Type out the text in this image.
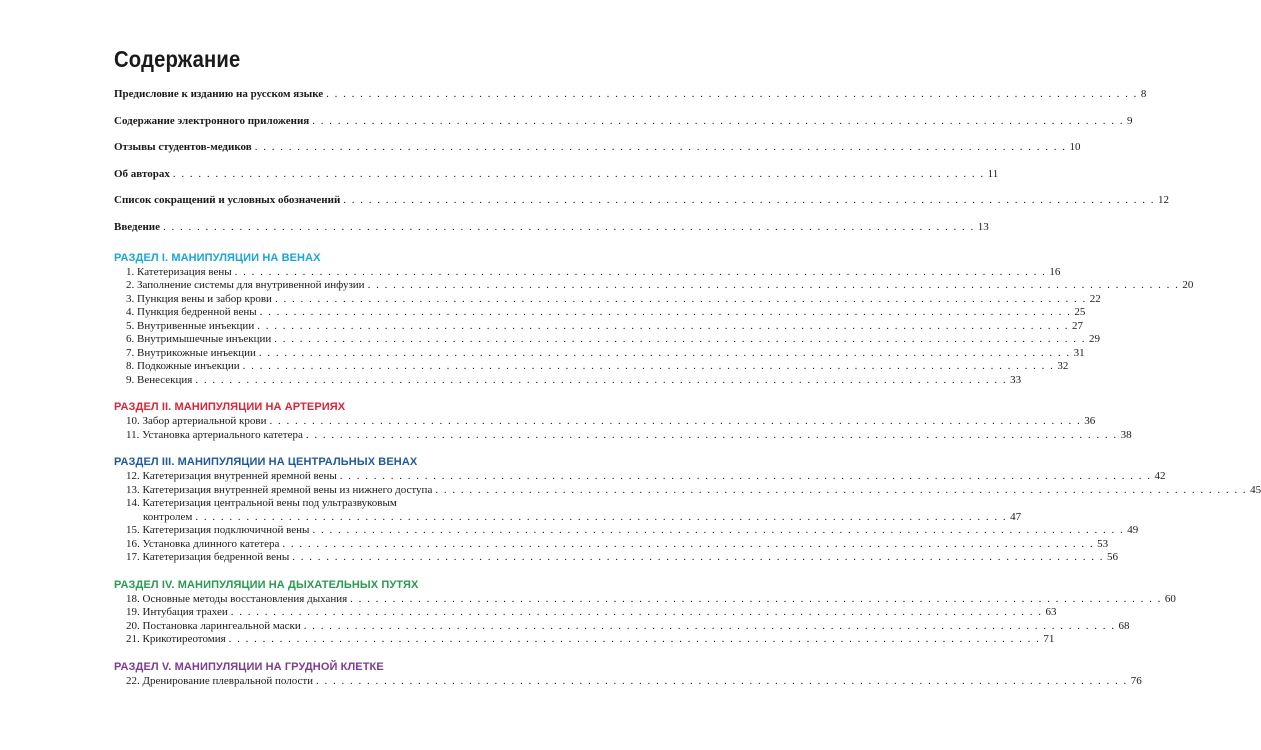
Содержание
Предисловие к изданию на русском языке . . . . . . . . . . . . . . . . . . . . . . . . . . . . . . . . . . . . . . . . . . . . . . . . . . . . . . . . . . . . . . . . . . . . . . . . . . . . . . . . . . . . . . . . . . . . . . . . 8
Содержание электронного приложения . . . . . . . . . . . . . . . . . . . . . . . . . . . . . . . . . . . . . . . . . . . . . . . . . . . . . . . . . . . . . . . . . . . . . . . . . . . . . . . . . . . . . . . . . . . . . . . . 9
Отзывы студентов-медиков . . . . . . . . . . . . . . . . . . . . . . . . . . . . . . . . . . . . . . . . . . . . . . . . . . . . . . . . . . . . . . . . . . . . . . . . . . . . . . . . . . . . . . . . . . . . . . . . 10
Об авторах . . . . . . . . . . . . . . . . . . . . . . . . . . . . . . . . . . . . . . . . . . . . . . . . . . . . . . . . . . . . . . . . . . . . . . . . . . . . . . . . . . . . . . . . . . . . . . . . 11
Список сокращений и условных обозначений . . . . . . . . . . . . . . . . . . . . . . . . . . . . . . . . . . . . . . . . . . . . . . . . . . . . . . . . . . . . . . . . . . . . . . . . . . . . . . . . . . . . . . . . . . . . . . . . 12
Введение . . . . . . . . . . . . . . . . . . . . . . . . . . . . . . . . . . . . . . . . . . . . . . . . . . . . . . . . . . . . . . . . . . . . . . . . . . . . . . . . . . . . . . . . . . . . . . . . 13
РАЗДЕЛ I. МАНИПУЛЯЦИИ НА ВЕНАХ
1. Катетеризация вены . . . . . . . . . . . . . . . . . . . . . . . . . . . . . . . . . . . . . . . . . . . . . . . . . . . . . . . . . . . . . . . . . . . . . . . . . . . . . . . . . . . . . . . . . . . . . . . . 16
2. Заполнение системы для внутривенной инфузии . . . . . . . . . . . . . . . . . . . . . . . . . . . . . . . . . . . . . . . . . . . . . . . . . . . . . . . . . . . . . . . . . . . . . . . . . . . . . . . . . . . . . . . . . . . . . . . . 20
3. Пункция вены и забор крови . . . . . . . . . . . . . . . . . . . . . . . . . . . . . . . . . . . . . . . . . . . . . . . . . . . . . . . . . . . . . . . . . . . . . . . . . . . . . . . . . . . . . . . . . . . . . . . . 22
4. Пункция бедренной вены . . . . . . . . . . . . . . . . . . . . . . . . . . . . . . . . . . . . . . . . . . . . . . . . . . . . . . . . . . . . . . . . . . . . . . . . . . . . . . . . . . . . . . . . . . . . . . . . 25
5. Внутривенные инъекции . . . . . . . . . . . . . . . . . . . . . . . . . . . . . . . . . . . . . . . . . . . . . . . . . . . . . . . . . . . . . . . . . . . . . . . . . . . . . . . . . . . . . . . . . . . . . . . . 27
6. Внутримышечные инъекции . . . . . . . . . . . . . . . . . . . . . . . . . . . . . . . . . . . . . . . . . . . . . . . . . . . . . . . . . . . . . . . . . . . . . . . . . . . . . . . . . . . . . . . . . . . . . . . . 29
7. Внутрикожные инъекции . . . . . . . . . . . . . . . . . . . . . . . . . . . . . . . . . . . . . . . . . . . . . . . . . . . . . . . . . . . . . . . . . . . . . . . . . . . . . . . . . . . . . . . . . . . . . . . . 31
8. Подкожные инъекции . . . . . . . . . . . . . . . . . . . . . . . . . . . . . . . . . . . . . . . . . . . . . . . . . . . . . . . . . . . . . . . . . . . . . . . . . . . . . . . . . . . . . . . . . . . . . . . . 32
9. Венесекция . . . . . . . . . . . . . . . . . . . . . . . . . . . . . . . . . . . . . . . . . . . . . . . . . . . . . . . . . . . . . . . . . . . . . . . . . . . . . . . . . . . . . . . . . . . . . . . . 33
РАЗДЕЛ II. МАНИПУЛЯЦИИ НА АРТЕРИЯХ
10. Забор артериальной крови . . . . . . . . . . . . . . . . . . . . . . . . . . . . . . . . . . . . . . . . . . . . . . . . . . . . . . . . . . . . . . . . . . . . . . . . . . . . . . . . . . . . . . . . . . . . . . . . 36
11. Установка артериального катетера . . . . . . . . . . . . . . . . . . . . . . . . . . . . . . . . . . . . . . . . . . . . . . . . . . . . . . . . . . . . . . . . . . . . . . . . . . . . . . . . . . . . . . . . . . . . . . . . 38
РАЗДЕЛ III. МАНИПУЛЯЦИИ НА ЦЕНТРАЛЬНЫХ ВЕНАХ
12. Катетеризация внутренней яремной вены . . . . . . . . . . . . . . . . . . . . . . . . . . . . . . . . . . . . . . . . . . . . . . . . . . . . . . . . . . . . . . . . . . . . . . . . . . . . . . . . . . . . . . . . . . . . . . . . 42
13. Катетеризация внутренней яремной вены из нижнего доступа . . . . . . . . . . . . . . . . . . . . . . . . . . . . . . . . . . . . . . . . . . . . . . . . . . . . . . . . . . . . . . . . . . . . . . . . . . . . . . . . . . . . . . . . . . . . . . . . 45
14. Катетеризация центральной вены под ультразвуковым
контролем . . . . . . . . . . . . . . . . . . . . . . . . . . . . . . . . . . . . . . . . . . . . . . . . . . . . . . . . . . . . . . . . . . . . . . . . . . . . . . . . . . . . . . . . . . . . . . . . 47
15. Катетеризация подключичной вены . . . . . . . . . . . . . . . . . . . . . . . . . . . . . . . . . . . . . . . . . . . . . . . . . . . . . . . . . . . . . . . . . . . . . . . . . . . . . . . . . . . . . . . . . . . . . . . . 49
16. Установка длинного катетера . . . . . . . . . . . . . . . . . . . . . . . . . . . . . . . . . . . . . . . . . . . . . . . . . . . . . . . . . . . . . . . . . . . . . . . . . . . . . . . . . . . . . . . . . . . . . . . . 53
17. Катетеризация бедренной вены . . . . . . . . . . . . . . . . . . . . . . . . . . . . . . . . . . . . . . . . . . . . . . . . . . . . . . . . . . . . . . . . . . . . . . . . . . . . . . . . . . . . . . . . . . . . . . . . 56
РАЗДЕЛ IV. МАНИПУЛЯЦИИ НА ДЫХАТЕЛЬНЫХ ПУТЯХ
18. Основные методы восстановления дыхания . . . . . . . . . . . . . . . . . . . . . . . . . . . . . . . . . . . . . . . . . . . . . . . . . . . . . . . . . . . . . . . . . . . . . . . . . . . . . . . . . . . . . . . . . . . . . . . . 60
19. Интубация трахеи . . . . . . . . . . . . . . . . . . . . . . . . . . . . . . . . . . . . . . . . . . . . . . . . . . . . . . . . . . . . . . . . . . . . . . . . . . . . . . . . . . . . . . . . . . . . . . . . 63
20. Постановка ларингеальной маски . . . . . . . . . . . . . . . . . . . . . . . . . . . . . . . . . . . . . . . . . . . . . . . . . . . . . . . . . . . . . . . . . . . . . . . . . . . . . . . . . . . . . . . . . . . . . . . . 68
21. Крикотиреотомия . . . . . . . . . . . . . . . . . . . . . . . . . . . . . . . . . . . . . . . . . . . . . . . . . . . . . . . . . . . . . . . . . . . . . . . . . . . . . . . . . . . . . . . . . . . . . . . . 71
РАЗДЕЛ V. МАНИПУЛЯЦИИ НА ГРУДНОЙ КЛЕТКЕ
22. Дренирование плевральной полости . . . . . . . . . . . . . . . . . . . . . . . . . . . . . . . . . . . . . . . . . . . . . . . . . . . . . . . . . . . . . . . . . . . . . . . . . . . . . . . . . . . . . . . . . . . . . . . . 76
